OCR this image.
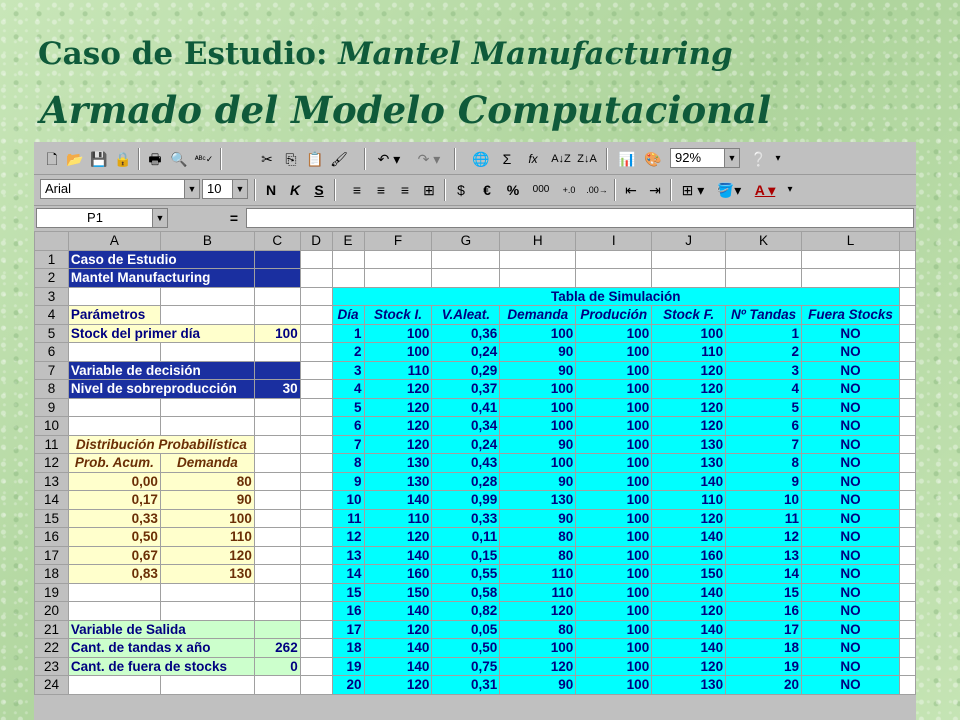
Caso de Estudio: Mantel Manufacturing
Armado del Modelo Computacional
🗋 📂 💾 🔒	🖶 🔍 ᴬᴮᶜ✓	✂ ⎘ 📋 🖌 ↶ ▾ ↷ ▾ 🌐 Σ	fx	A↓Z Z↓A 📊 🎨	92%	▼ ❔ ▾
Arial	▼ 10	▼	N K	S	≡	≡	≡	⊞	$	€	%	000	+.0	.00→	⇤ ⇥	⊞ ▾ 🪣▾ A ▾	▾
P1	▼	=
	A	B	C	D	E	F	G	H	I	J	K	L	
1	Caso de Estudio												
2	Mantel Manufacturing												
3					Tabla de Simulación								
4	Parámetros				Día	Stock I.	V.Aleat.	Demanda	Produción	Stock F.	Nº Tandas	Fuera Stocks	
5	Stock del primer día		100		1	100	0,36	100	100	100	1	NO	
6					2	100	0,24	90	100	110	2	NO	
7	Variable de decisión				3	110	0,29	90	100	120	3	NO	
8	Nivel de sobreproducción		30		4	120	0,37	100	100	120	4	NO	
9					5	120	0,41	100	100	120	5	NO	
10					6	120	0,34	100	100	120	6	NO	
11	Distribución Probabilística				7	120	0,24	90	100	130	7	NO	
12	Prob. Acum.	Demanda			8	130	0,43	100	100	130	8	NO	
13	0,00	80			9	130	0,28	90	100	140	9	NO	
14	0,17	90			10	140	0,99	130	100	110	10	NO	
15	0,33	100			11	110	0,33	90	100	120	11	NO	
16	0,50	110			12	120	0,11	80	100	140	12	NO	
17	0,67	120			13	140	0,15	80	100	160	13	NO	
18	0,83	130			14	160	0,55	110	100	150	14	NO	
19					15	150	0,58	110	100	140	15	NO	
20					16	140	0,82	120	100	120	16	NO	
21	Variable de Salida				17	120	0,05	80	100	140	17	NO	
22	Cant. de tandas x año		262		18	140	0,50	100	100	140	18	NO	
23	Cant. de fuera de stocks		0		19	140	0,75	120	100	120	19	NO	
24					20	120	0,31	90	100	130	20	NO	
